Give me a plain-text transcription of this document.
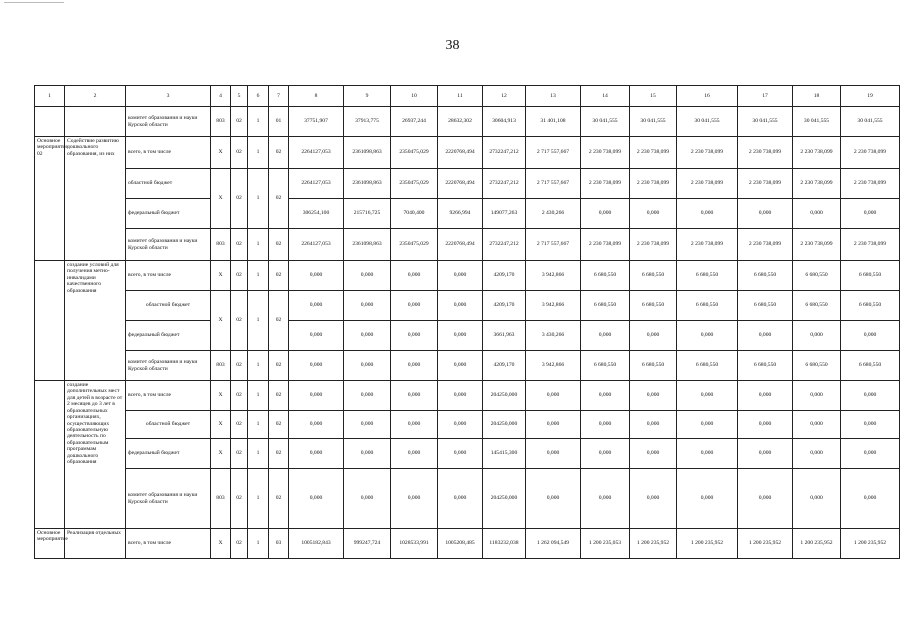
38
1	2	3	4	5	6	7	8	9	10	11	12	13	14	15	16	17	18	19
		комитет образования и науки Курской области	803	02	1	01	37751,907	37913,775	26937,244	28632,302	30604,913	31 401,108	30 041,555	30 041,555	30 041,555	30 041,555	30 041,555	30 041,555
Основное мероприятие 02	Содействие развитию дошкольного образования, из них	всего, в том числе	X	02	1	02	2264127,053	2361098,863	2350475,029	2220768,494	2732247,212	2 717 557,667	2 230 738,099	2 230 738,099	2 230 738,099	2 230 738,099	2 230 738,099	2 230 738,099
		областной бюджет	X	02	1	02	2264127,053	2361098,863	2350475,029	2220768,494	2732247,212	2 717 557,667	2 230 738,099	2 230 738,099	2 230 738,099	2 230 738,099	2 230 738,099	2 230 738,099
		федеральный бюджет					306254,100	215716,725	7040,400	9266,994	149077,263	2 430,266	0,000	0,000	0,000	0,000	0,000	0,000
		комитет образования и науки Курской области	803	02	1	02	2264127,053	2361098,863	2350475,029	2220768,494	2732247,212	2 717 557,667	2 230 738,099	2 230 738,099	2 230 738,099	2 230 738,099	2 230 738,099	2 230 738,099
	создание условий для получения метно-инвалидами качественного образования	всего, в том числе	X	02	1	02	0,000	0,000	0,000	0,000	4209,170	3 942,866	6 680,550	6 680,550	6 680,550	6 680,550	6 680,550	6 680,550
		областной бюджет	X	02	1	02	0,000	0,000	0,000	0,000	4209,170	3 942,866	6 680,550	6 680,550	6 680,550	6 680,550	6 680,550	6 680,550
		федеральный бюджет					0,000	0,000	0,000	0,000	3661,963	3 430,266	0,000	0,000	0,000	0,000	0,000	0,000
		комитет образования и науки Курской области	803	02	1	02	0,000	0,000	0,000	0,000	4209,170	3 942,866	6 680,550	6 680,550	6 680,550	6 680,550	6 680,550	6 680,550
	создание дополнительных мест для детей в возрасте от 2 месяцев до 3 лет в образовательных организациях, осуществляющих образовательную деятельность по образовательным программам дошкольного образования	всего, в том числе	X	02	1	02	0,000	0,000	0,000	0,000	204250,000	0,000	0,000	0,000	0,000	0,000	0,000	0,000
		областной бюджет	X	02	1	02	0,000	0,000	0,000	0,000	204250,000	0,000	0,000	0,000	0,000	0,000	0,000	0,000
		федеральный бюджет	X	02	1	02	0,000	0,000	0,000	0,000	145415,300	0,000	0,000	0,000	0,000	0,000	0,000	0,000
		комитет образования и науки Курской области	803	02	1	02	0,000	0,000	0,000	0,000	204250,000	0,000	0,000	0,000	0,000	0,000	0,000	0,000
Основное мероприятие	Реализация отдельных	всего, в том числе	X	02	1	03	1005182,843	999247,724	1028533,991	1005208,485	1183232,038	1 262 094,549	1 200 235,053	1 200 235,952	1 200 235,952	1 200 235,952	1 200 235,952	1 200 235,952
